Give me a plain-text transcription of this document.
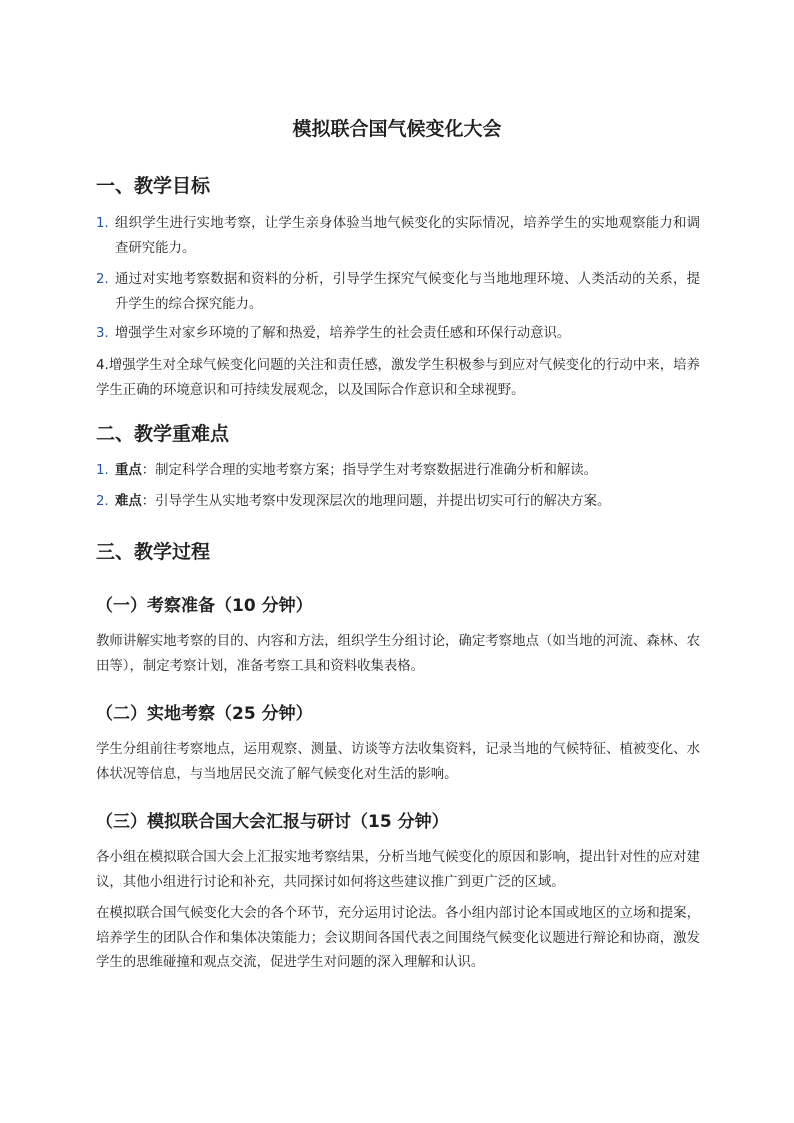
模拟联合国气候变化大会
一、教学目标
1. 组织学生进行实地考察，让学生亲身体验当地气候变化的实际情况，培养学生的实地观察能力和调查研究能力。
2. 通过对实地考察数据和资料的分析，引导学生探究气候变化与当地地理环境、人类活动的关系，提升学生的综合探究能力。
3. 增强学生对家乡环境的了解和热爱，培养学生的社会责任感和环保行动意识。

4.增强学生对全球气候变化问题的关注和责任感，激发学生积极参与到应对气候变化的行动中来，培养学生正确的环境意识和可持续发展观念，以及国际合作意识和全球视野。

二、教学重难点
1. 重点：制定科学合理的实地考察方案；指导学生对考察数据进行准确分析和解读。
2. 难点：引导学生从实地考察中发现深层次的地理问题，并提出切实可行的解决方案。
三、教学过程
（一）考察准备（10 分钟）

教师讲解实地考察的目的、内容和方法，组织学生分组讨论，确定考察地点（如当地的河流、森林、农田等），制定考察计划，准备考察工具和资料收集表格。

（二）实地考察（25 分钟）

学生分组前往考察地点，运用观察、测量、访谈等方法收集资料，记录当地的气候特征、植被变化、水体状况等信息，与当地居民交流了解气候变化对生活的影响。

（三）模拟联合国大会汇报与研讨（15 分钟）

各小组在模拟联合国大会上汇报实地考察结果，分析当地气候变化的原因和影响，提出针对性的应对建议，其他小组进行讨论和补充，共同探讨如何将这些建议推广到更广泛的区域。

在模拟联合国气候变化大会的各个环节，充分运用讨论法。各小组内部讨论本国或地区的立场和提案，培养学生的团队合作和集体决策能力；会议期间各国代表之间围绕气候变化议题进行辩论和协商，激发学生的思维碰撞和观点交流，促进学生对问题的深入理解和认识。
